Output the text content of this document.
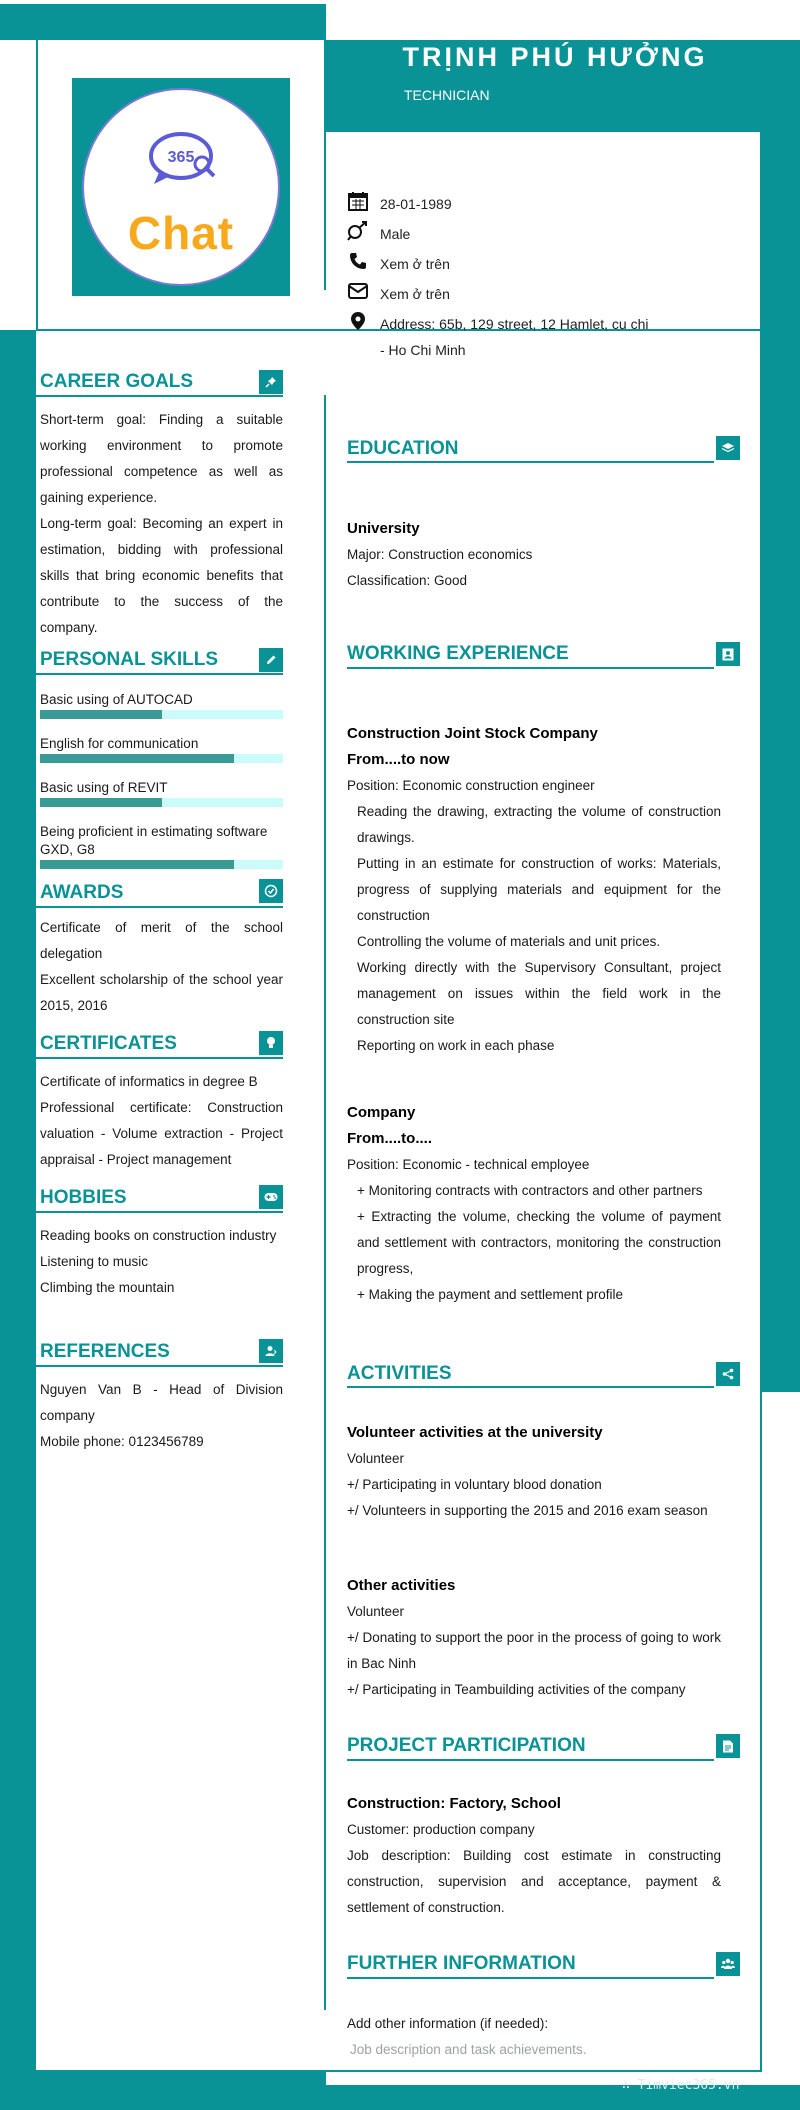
TRỊNH PHÚ HƯỞNG
TECHNICIAN
365
Chat
28-01-1989
Male
Xem ở trên
Xem ở trên
Address: 65b, 129 street, 12 Hamlet, cu chi
- Ho Chi Minh
CAREER GOALS

Short-term goal: Finding a suitable working environment to promote professional competence as well as gaining experience.

Long-term goal: Becoming an expert in estimation, bidding with professional skills that bring economic benefits that contribute to the success of the company.

PERSONAL SKILLS
Basic using of AUTOCAD
English for communication
Basic using of REVIT
Being proficient in estimating software GXD, G8
AWARDS

Certificate of merit of the school delegation

Excellent scholarship of the school year 2015, 2016

CERTIFICATES

Certificate of informatics in degree B

Professional certificate: Construction valuation - Volume extraction - Project appraisal - Project management

HOBBIES

Reading books on construction industry

Listening to music

Climbing the mountain

REFERENCES

Nguyen Van B - Head of Division company

Mobile phone: 0123456789

EDUCATION

University

Major: Construction economics

Classification: Good

WORKING EXPERIENCE

Construction Joint Stock Company

From....to now

Position: Economic construction engineer

Reading the drawing, extracting the volume of construction drawings.

Putting in an estimate for construction of works: Materials, progress of supplying materials and equipment for the construction

Controlling the volume of materials and unit prices.

Working directly with the Supervisory Consultant, project management on issues within the field work in the construction site

Reporting on work in each phase

Company

From....to....

Position: Economic - technical employee

+ Monitoring contracts with contractors and other partners

+ Extracting the volume, checking the volume of payment and settlement with contractors, monitoring the construction progress,

+ Making the payment and settlement profile

ACTIVITIES

Volunteer activities at the university

Volunteer

+/ Participating in voluntary blood donation

+/ Volunteers in supporting the 2015 and 2016 exam season

Other activities

Volunteer

+/ Donating to support the poor in the process of going to work in Bac Ninh

+/ Participating in Teambuilding activities of the company

PROJECT PARTICIPATION

Construction: Factory, School

Customer: production company

Job description: Building cost estimate in constructing construction, supervision and acceptance, payment & settlement of construction.

FURTHER INFORMATION

Add other information (if needed):

Job description and task achievements.

∴ Timviec365.vn
